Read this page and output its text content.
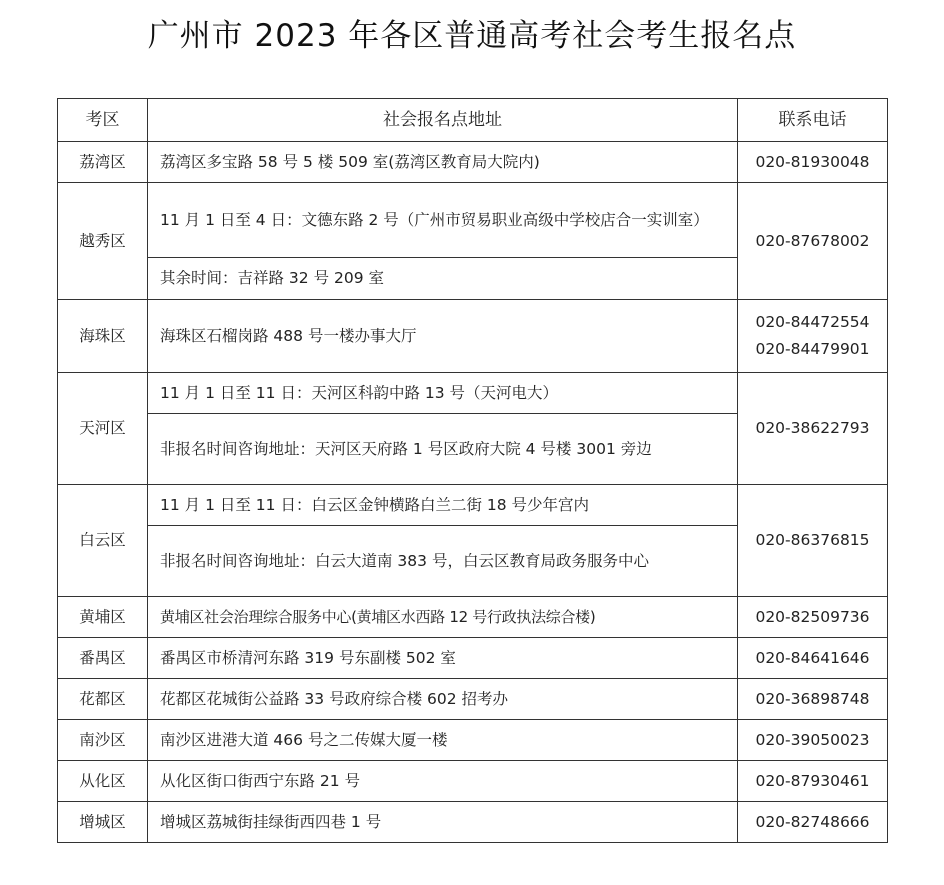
广州市 2023 年各区普通高考社会考生报名点
考区	社会报名点地址	联系电话
荔湾区	荔湾区多宝路 58 号 5 楼 509 室(荔湾区教育局大院内)	020-81930048
越秀区	11 月 1 日至 4 日：文德东路 2 号（广州市贸易职业高级中学校店合一实训室）	020-87678002
	其余时间：吉祥路 32 号 209 室	
海珠区	海珠区石榴岗路 488 号一楼办事大厅	020-84472554
020-84479901

天河区	11 月 1 日至 11 日：天河区科韵中路 13 号（天河电大）	020-38622793
	非报名时间咨询地址：天河区天府路 1 号区政府大院 4 号楼 3001 旁边	
白云区	11 月 1 日至 11 日：白云区金钟横路白兰二街 18 号少年宫内	020-86376815
	非报名时间咨询地址：白云大道南 383 号，白云区教育局政务服务中心	
黄埔区	黄埔区社会治理综合服务中心(黄埔区水西路 12 号行政执法综合楼)	020-82509736
番禺区	番禺区市桥清河东路 319 号东副楼 502 室	020-84641646
花都区	花都区花城街公益路 33 号政府综合楼 602 招考办	020-36898748
南沙区	南沙区进港大道 466 号之二传媒大厦一楼	020-39050023
从化区	从化区街口街西宁东路 21 号	020-87930461
增城区	增城区荔城街挂绿街西四巷 1 号	020-82748666
